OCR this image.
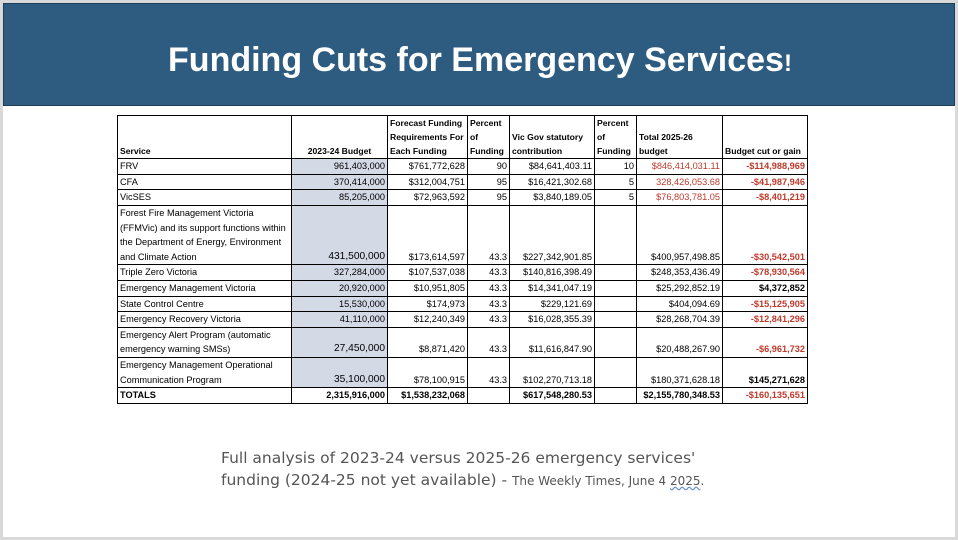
Funding Cuts for Emergency Services!
Service	2023-24 Budget	Forecast Funding Requirements For Each Funding	Percent of Funding	Vic Gov statutory contribution	Percent of Funding	Total 2025-26 budget	Budget cut or gain
FRV	961,403,000	$761,772,628	90	$84,641,403.11	10	$846,414,031.11	-$114,988,969
CFA	370,414,000	$312,004,751	95	$16,421,302.68	5	328,426,053.68	-$41,987,946
VicSES	85,205,000	$72,963,592	95	$3,840,189.05	5	$76,803,781.05	-$8,401,219
Forest Fire Management Victoria (FFMVic) and its support functions within the Department of Energy, Environment and Climate Action	431,500,000	$173,614,597	43.3	$227,342,901.85		$400,957,498.85	-$30,542,501
Triple Zero Victoria	327,284,000	$107,537,038	43.3	$140,816,398.49		$248,353,436.49	-$78,930,564
Emergency Management Victoria	20,920,000	$10,951,805	43.3	$14,341,047.19		$25,292,852.19	$4,372,852
State Control Centre	15,530,000	$174,973	43.3	$229,121.69		$404,094.69	-$15,125,905
Emergency Recovery Victoria	41,110,000	$12,240,349	43.3	$16,028,355.39		$28,268,704.39	-$12,841,296
Emergency Alert Program (automatic emergency warning SMSs)	27,450,000	$8,871,420	43.3	$11,616,847.90		$20,488,267.90	-$6,961,732
Emergency Management Operational Communication Program	35,100,000	$78,100,915	43.3	$102,270,713.18		$180,371,628.18	$145,271,628
TOTALS	2,315,916,000	$1,538,232,068		$617,548,280.53		$2,155,780,348.53	-$160,135,651
Full analysis of 2023-24 versus 2025-26 emergency services'
funding (2024-25 not yet available) - The Weekly Times, June 4 2025.
